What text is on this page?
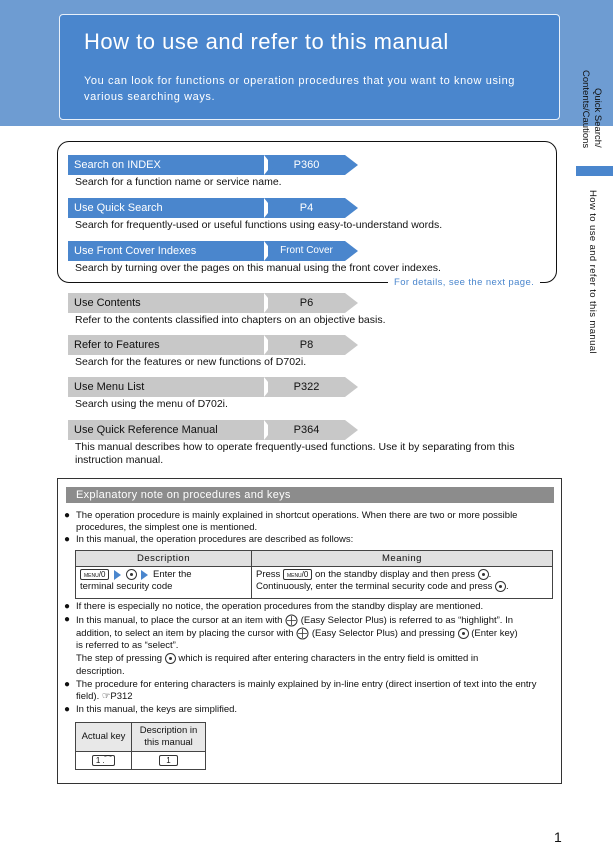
How to use and refer to this manual
You can look for functions or operation procedures that you want to know using various searching ways.	Quick Search/
Contents/Cautions
How to use and refer to this manual
For details, see the next page.
Search on INDEX	P360
Search for a function name or service name.
Use Quick Search	P4
Search for frequently-used or useful functions using easy-to-understand words.
Use Front Cover Indexes	Front Cover
Search by turning over the pages on this manual using the front cover indexes.
Use Contents	P6
Refer to the contents classified into chapters on an objective basis.
Refer to Features	P8
Search for the features or new functions of D702i.
Use Menu List	P322
Search using the menu of D702i.
Use Quick Reference Manual	P364
This manual describes how to operate frequently-used functions. Use it by separating from this instruction manual.
Explanatory note on procedures and keys
● The operation procedure is mainly explained in shortcut operations. When there are two or more possible procedures, the simplest one is mentioned.
● In this manual, the operation procedures are described as follows:
Description	Meaning
MENU/0 Enter the
terminal security code	Press MENU/0 on the standby display and then press .
Continuously, enter the terminal security code and press .
● If there is especially no notice, the operation procedures from the standby display are mentioned.
● In this manual, to place the cursor at an item with (Easy Selector Plus) is referred to as “highlight”. In
addition, to select an item by placing the cursor with (Easy Selector Plus) and pressing (Enter key)
is referred to as “select”.
The step of pressing which is required after entering characters in the entry field is omitted in
description.
● The procedure for entering characters is mainly explained by in-line entry (direct insertion of text into the entry field). ☞P312
● In this manual, the keys are simplified.
Actual key	Description in
this manual
1 .⁀	1
1
